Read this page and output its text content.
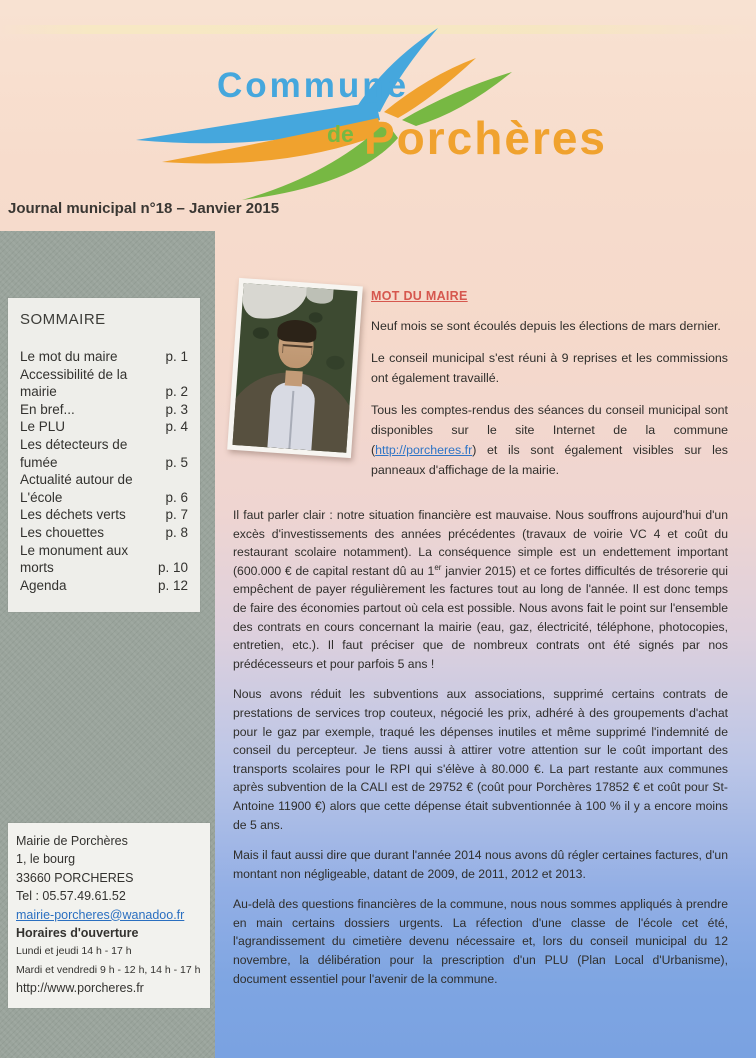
Commune
de Porchères
Journal municipal n°18 – Janvier 2015
SOMMAIRE
Le mot du maire	p. 1
Accessibilité de la mairie	p. 2
En bref...	p. 3
Le PLU	p. 4
Les détecteurs de fumée	p. 5
Actualité autour de L'école	p. 6
Les déchets verts	p. 7
Les chouettes	p. 8
Le monument aux morts	p. 10
Agenda	p. 12
Mairie de Porchères
1, le bourg
33660 PORCHERES
Tel : 05.57.49.61.52
mairie-porcheres@wanadoo.fr
Horaires d'ouverture
Lundi et jeudi 14 h - 17 h
Mardi et vendredi 9 h - 12 h, 14 h - 17 h
http://www.porcheres.fr
MOT DU MAIRE

Neuf mois se sont écoulés depuis les élections de mars dernier.

Le conseil municipal s'est réuni à 9 reprises et les commissions ont également travaillé.

Tous les comptes-rendus des séances du conseil municipal sont disponibles sur le site Internet de la commune (http://porcheres.fr) et ils sont également visibles sur les panneaux d'affichage de la mairie.

Il faut parler clair : notre situation financière est mauvaise. Nous souffrons aujourd'hui d'un excès d'investissements des années précédentes (travaux de voirie VC 4 et coût du restaurant scolaire notamment). La conséquence simple est un endettement important (600.000 € de capital restant dû au 1er janvier 2015) et ce fortes difficultés de trésorerie qui empêchent de payer régulièrement les factures tout au long de l'année. Il est donc temps de faire des économies partout où cela est possible. Nous avons fait le point sur l'ensemble des contrats en cours concernant la mairie (eau, gaz, électricité, téléphone, photocopies, entretien, etc.). Il faut préciser que de nombreux contrats ont été signés par nos prédécesseurs et pour parfois 5 ans !

Nous avons réduit les subventions aux associations, supprimé certains contrats de prestations de services trop couteux, négocié les prix, adhéré à des groupements d'achat pour le gaz par exemple, traqué les dépenses inutiles et même supprimé l'indemnité de conseil du percepteur. Je tiens aussi à attirer votre attention sur le coût important des transports scolaires pour le RPI qui s'élève à 80.000 €. La part restante aux communes après subvention de la CALI est de 29752 € (coût pour Porchères 17852 € et coût pour St-Antoine 11900 €) alors que cette dépense était subventionnée à 100 % il y a encore moins de 5 ans.

Mais il faut aussi dire que durant l'année 2014 nous avons dû régler certaines factures, d'un montant non négligeable, datant de 2009, de 2011, 2012 et 2013.

Au-delà des questions financières de la commune, nous nous sommes appliqués à prendre en main certains dossiers urgents. La réfection d'une classe de l'école cet été, l'agrandissement du cimetière devenu nécessaire et, lors du conseil municipal du 12 novembre, la délibération pour la prescription d'un PLU (Plan Local d'Urbanisme), document essentiel pour l'avenir de la commune.
